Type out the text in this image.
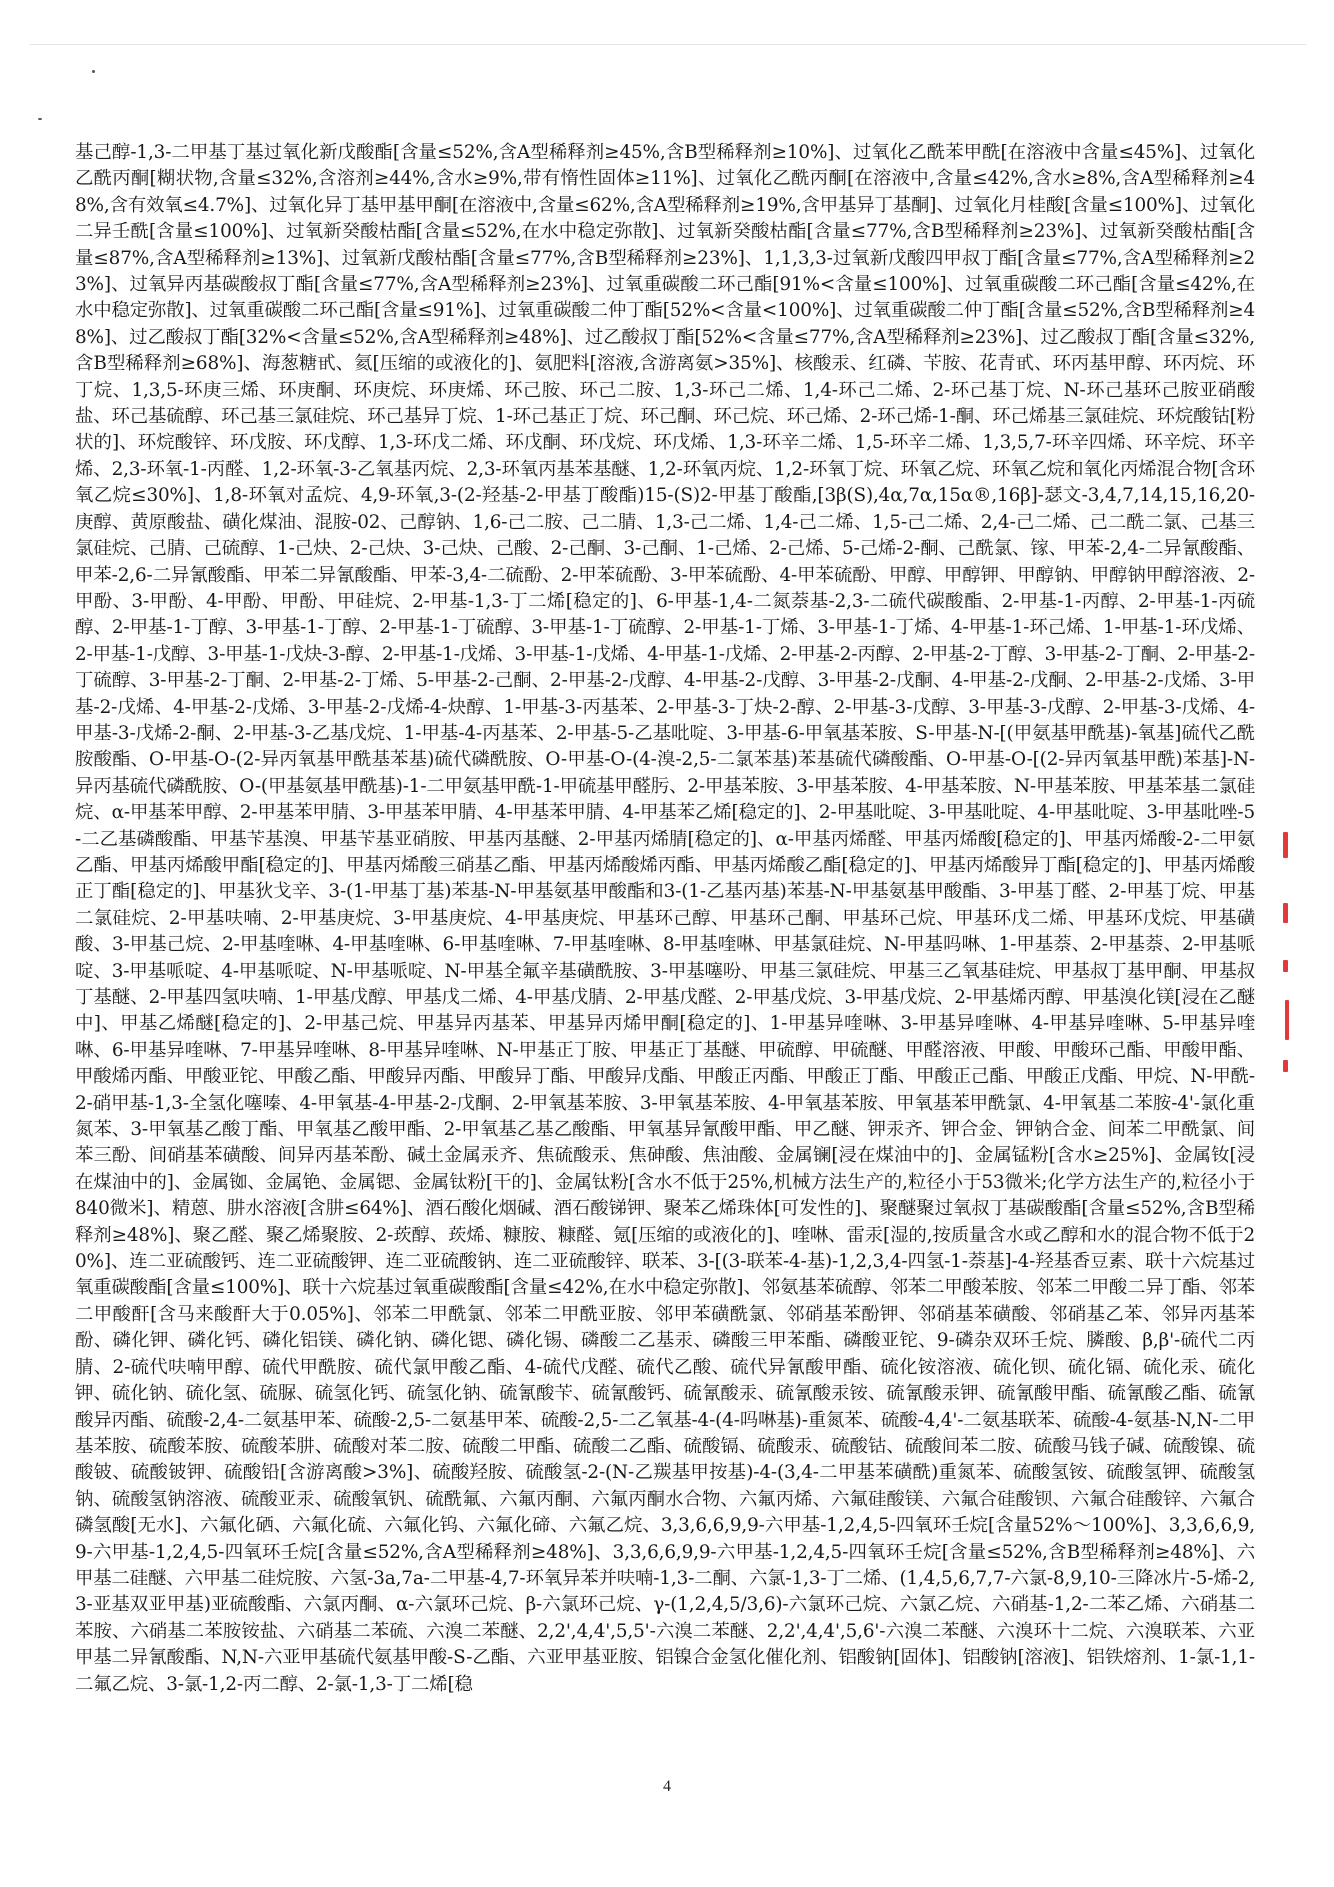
基己醇-1,3-二甲基丁基过氧化新戊酸酯[含量≤52%,含A型稀释剂≥45%,含B型稀释剂≥10%]、过氧化乙酰苯甲酰[在溶液中含量≤45%]、过氧化乙酰丙酮[糊状物,含量≤32%,含溶剂≥44%,含水≥9%,带有惰性固体≥11%]、过氧化乙酰丙酮[在溶液中,含量≤42%,含水≥8%,含A型稀释剂≥48%,含有效氧≤4.7%]、过氧化异丁基甲基甲酮[在溶液中,含量≤62%,含A型稀释剂≥19%,含甲基异丁基酮]、过氧化月桂酸[含量≤100%]、过氧化二异壬酰[含量≤100%]、过氧新癸酸枯酯[含量≤52%,在水中稳定弥散]、过氧新癸酸枯酯[含量≤77%,含B型稀释剂≥23%]、过氧新癸酸枯酯[含量≤87%,含A型稀释剂≥13%]、过氧新戊酸枯酯[含量≤77%,含B型稀释剂≥23%]、1,1,3,3-过氧新戊酸四甲叔丁酯[含量≤77%,含A型稀释剂≥23%]、过氧异丙基碳酸叔丁酯[含量≤77%,含A型稀释剂≥23%]、过氧重碳酸二环己酯[91%<含量≤100%]、过氧重碳酸二环己酯[含量≤42%,在水中稳定弥散]、过氧重碳酸二环己酯[含量≤91%]、过氧重碳酸二仲丁酯[52%<含量<100%]、过氧重碳酸二仲丁酯[含量≤52%,含B型稀释剂≥48%]、过乙酸叔丁酯[32%<含量≤52%,含A型稀释剂≥48%]、过乙酸叔丁酯[52%<含量≤77%,含A型稀释剂≥23%]、过乙酸叔丁酯[含量≤32%,含B型稀释剂≥68%]、海葱糖甙、氦[压缩的或液化的]、氨肥料[溶液,含游离氨>35%]、核酸汞、红磷、苄胺、花青甙、环丙基甲醇、环丙烷、环丁烷、1,3,5-环庚三烯、环庚酮、环庚烷、环庚烯、环己胺、环己二胺、1,3-环己二烯、1,4-环己二烯、2-环己基丁烷、N-环己基环己胺亚硝酸盐、环己基硫醇、环己基三氯硅烷、环己基异丁烷、1-环己基正丁烷、环己酮、环己烷、环己烯、2-环己烯-1-酮、环己烯基三氯硅烷、环烷酸钴[粉状的]、环烷酸锌、环戊胺、环戊醇、1,3-环戊二烯、环戊酮、环戊烷、环戊烯、1,3-环辛二烯、1,5-环辛二烯、1,3,5,7-环辛四烯、环辛烷、环辛烯、2,3-环氧-1-丙醛、1,2-环氧-3-乙氧基丙烷、2,3-环氧丙基苯基醚、1,2-环氧丙烷、1,2-环氧丁烷、环氧乙烷、环氧乙烷和氧化丙烯混合物[含环氧乙烷≤30%]、1,8-环氧对孟烷、4,9-环氧,3-(2-羟基-2-甲基丁酸酯)15-(S)2-甲基丁酸酯,[3β(S),4α,7α,15α®,16β]-瑟文-3,4,7,14,15,16,20-庚醇、黄原酸盐、磺化煤油、混胺-02、己醇钠、1,6-己二胺、己二腈、1,3-己二烯、1,4-己二烯、1,5-己二烯、2,4-己二烯、己二酰二氯、己基三氯硅烷、己腈、己硫醇、1-己炔、2-己炔、3-己炔、己酸、2-己酮、3-己酮、1-己烯、2-己烯、5-己烯-2-酮、己酰氯、镓、甲苯-2,4-二异氰酸酯、甲苯-2,6-二异氰酸酯、甲苯二异氰酸酯、甲苯-3,4-二硫酚、2-甲苯硫酚、3-甲苯硫酚、4-甲苯硫酚、甲醇、甲醇钾、甲醇钠、甲醇钠甲醇溶液、2-甲酚、3-甲酚、4-甲酚、甲酚、甲硅烷、2-甲基-1,3-丁二烯[稳定的]、6-甲基-1,4-二氮萘基-2,3-二硫代碳酸酯、2-甲基-1-丙醇、2-甲基-1-丙硫醇、2-甲基-1-丁醇、3-甲基-1-丁醇、2-甲基-1-丁硫醇、3-甲基-1-丁硫醇、2-甲基-1-丁烯、3-甲基-1-丁烯、4-甲基-1-环己烯、1-甲基-1-环戊烯、2-甲基-1-戊醇、3-甲基-1-戊炔-3-醇、2-甲基-1-戊烯、3-甲基-1-戊烯、4-甲基-1-戊烯、2-甲基-2-丙醇、2-甲基-2-丁醇、3-甲基-2-丁酮、2-甲基-2-丁硫醇、3-甲基-2-丁酮、2-甲基-2-丁烯、5-甲基-2-己酮、2-甲基-2-戊醇、4-甲基-2-戊醇、3-甲基-2-戊酮、4-甲基-2-戊酮、2-甲基-2-戊烯、3-甲基-2-戊烯、4-甲基-2-戊烯、3-甲基-2-戊烯-4-炔醇、1-甲基-3-丙基苯、2-甲基-3-丁炔-2-醇、2-甲基-3-戊醇、3-甲基-3-戊醇、2-甲基-3-戊烯、4-甲基-3-戊烯-2-酮、2-甲基-3-乙基戊烷、1-甲基-4-丙基苯、2-甲基-5-乙基吡啶、3-甲基-6-甲氧基苯胺、S-甲基-N-[(甲氨基甲酰基)-氧基]硫代乙酰胺酸酯、O-甲基-O-(2-异丙氧基甲酰基苯基)硫代磷酰胺、O-甲基-O-(4-溴-2,5-二氯苯基)苯基硫代磷酸酯、O-甲基-O-[(2-异丙氧基甲酰)苯基]-N-异丙基硫代磷酰胺、O-(甲基氨基甲酰基)-1-二甲氨基甲酰-1-甲硫基甲醛肟、2-甲基苯胺、3-甲基苯胺、4-甲基苯胺、N-甲基苯胺、甲基苯基二氯硅烷、α-甲基苯甲醇、2-甲基苯甲腈、3-甲基苯甲腈、4-甲基苯甲腈、4-甲基苯乙烯[稳定的]、2-甲基吡啶、3-甲基吡啶、4-甲基吡啶、3-甲基吡唑-5-二乙基磷酸酯、甲基苄基溴、甲基苄基亚硝胺、甲基丙基醚、2-甲基丙烯腈[稳定的]、α-甲基丙烯醛、甲基丙烯酸[稳定的]、甲基丙烯酸-2-二甲氨乙酯、甲基丙烯酸甲酯[稳定的]、甲基丙烯酸三硝基乙酯、甲基丙烯酸烯丙酯、甲基丙烯酸乙酯[稳定的]、甲基丙烯酸异丁酯[稳定的]、甲基丙烯酸正丁酯[稳定的]、甲基狄戈辛、3-(1-甲基丁基)苯基-N-甲基氨基甲酸酯和3-(1-乙基丙基)苯基-N-甲基氨基甲酸酯、3-甲基丁醛、2-甲基丁烷、甲基二氯硅烷、2-甲基呋喃、2-甲基庚烷、3-甲基庚烷、4-甲基庚烷、甲基环己醇、甲基环己酮、甲基环己烷、甲基环戊二烯、甲基环戊烷、甲基磺酸、3-甲基己烷、2-甲基喹啉、4-甲基喹啉、6-甲基喹啉、7-甲基喹啉、8-甲基喹啉、甲基氯硅烷、N-甲基吗啉、1-甲基萘、2-甲基萘、2-甲基哌啶、3-甲基哌啶、4-甲基哌啶、N-甲基哌啶、N-甲基全氟辛基磺酰胺、3-甲基噻吩、甲基三氯硅烷、甲基三乙氧基硅烷、甲基叔丁基甲酮、甲基叔丁基醚、2-甲基四氢呋喃、1-甲基戊醇、甲基戊二烯、4-甲基戊腈、2-甲基戊醛、2-甲基戊烷、3-甲基戊烷、2-甲基烯丙醇、甲基溴化镁[浸在乙醚中]、甲基乙烯醚[稳定的]、2-甲基己烷、甲基异丙基苯、甲基异丙烯甲酮[稳定的]、1-甲基异喹啉、3-甲基异喹啉、4-甲基异喹啉、5-甲基异喹啉、6-甲基异喹啉、7-甲基异喹啉、8-甲基异喹啉、N-甲基正丁胺、甲基正丁基醚、甲硫醇、甲硫醚、甲醛溶液、甲酸、甲酸环己酯、甲酸甲酯、甲酸烯丙酯、甲酸亚铊、甲酸乙酯、甲酸异丙酯、甲酸异丁酯、甲酸异戊酯、甲酸正丙酯、甲酸正丁酯、甲酸正己酯、甲酸正戊酯、甲烷、N-甲酰-2-硝甲基-1,3-全氢化噻嗪、4-甲氧基-4-甲基-2-戊酮、2-甲氧基苯胺、3-甲氧基苯胺、4-甲氧基苯胺、甲氧基苯甲酰氯、4-甲氧基二苯胺-4'-氯化重氮苯、3-甲氧基乙酸丁酯、甲氧基乙酸甲酯、2-甲氧基乙基乙酸酯、甲氧基异氰酸甲酯、甲乙醚、钾汞齐、钾合金、钾钠合金、间苯二甲酰氯、间苯三酚、间硝基苯磺酸、间异丙基苯酚、碱土金属汞齐、焦硫酸汞、焦砷酸、焦油酸、金属镧[浸在煤油中的]、金属锰粉[含水≥25%]、金属钕[浸在煤油中的]、金属铷、金属铯、金属锶、金属钛粉[干的]、金属钛粉[含水不低于25%,机械方法生产的,粒径小于53微米;化学方法生产的,粒径小于840微米]、精蒽、肼水溶液[含肼≤64%]、酒石酸化烟碱、酒石酸锑钾、聚苯乙烯珠体[可发性的]、聚醚聚过氧叔丁基碳酸酯[含量≤52%,含B型稀释剂≥48%]、聚乙醛、聚乙烯聚胺、2-莰醇、莰烯、糠胺、糠醛、氪[压缩的或液化的]、喹啉、雷汞[湿的,按质量含水或乙醇和水的混合物不低于20%]、连二亚硫酸钙、连二亚硫酸钾、连二亚硫酸钠、连二亚硫酸锌、联苯、3-[(3-联苯-4-基)-1,2,3,4-四氢-1-萘基]-4-羟基香豆素、联十六烷基过氧重碳酸酯[含量≤100%]、联十六烷基过氧重碳酸酯[含量≤42%,在水中稳定弥散]、邻氨基苯硫醇、邻苯二甲酸苯胺、邻苯二甲酸二异丁酯、邻苯二甲酸酐[含马来酸酐大于0.05%]、邻苯二甲酰氯、邻苯二甲酰亚胺、邻甲苯磺酰氯、邻硝基苯酚钾、邻硝基苯磺酸、邻硝基乙苯、邻异丙基苯酚、磷化钾、磷化钙、磷化铝镁、磷化钠、磷化锶、磷化锡、磷酸二乙基汞、磷酸三甲苯酯、磷酸亚铊、9-磷杂双环壬烷、膦酸、β,β'-硫代二丙腈、2-硫代呋喃甲醇、硫代甲酰胺、硫代氯甲酸乙酯、4-硫代戊醛、硫代乙酸、硫代异氰酸甲酯、硫化铵溶液、硫化钡、硫化镉、硫化汞、硫化钾、硫化钠、硫化氢、硫脲、硫氢化钙、硫氢化钠、硫氰酸苄、硫氰酸钙、硫氰酸汞、硫氰酸汞铵、硫氰酸汞钾、硫氰酸甲酯、硫氰酸乙酯、硫氰酸异丙酯、硫酸-2,4-二氨基甲苯、硫酸-2,5-二氨基甲苯、硫酸-2,5-二乙氧基-4-(4-吗啉基)-重氮苯、硫酸-4,4'-二氨基联苯、硫酸-4-氨基-N,N-二甲基苯胺、硫酸苯胺、硫酸苯肼、硫酸对苯二胺、硫酸二甲酯、硫酸二乙酯、硫酸镉、硫酸汞、硫酸钴、硫酸间苯二胺、硫酸马钱子碱、硫酸镍、硫酸铍、硫酸铍钾、硫酸铅[含游离酸>3%]、硫酸羟胺、硫酸氢-2-(N-乙羰基甲按基)-4-(3,4-二甲基苯磺酰)重氮苯、硫酸氢铵、硫酸氢钾、硫酸氢钠、硫酸氢钠溶液、硫酸亚汞、硫酸氧钒、硫酰氟、六氟丙酮、六氟丙酮水合物、六氟丙烯、六氟硅酸镁、六氟合硅酸钡、六氟合硅酸锌、六氟合磷氢酸[无水]、六氟化硒、六氟化硫、六氟化钨、六氟化碲、六氟乙烷、3,3,6,6,9,9-六甲基-1,2,4,5-四氧环壬烷[含量52%～100%]、3,3,6,6,9,9-六甲基-1,2,4,5-四氧环壬烷[含量≤52%,含A型稀释剂≥48%]、3,3,6,6,9,9-六甲基-1,2,4,5-四氧环壬烷[含量≤52%,含B型稀释剂≥48%]、六甲基二硅醚、六甲基二硅烷胺、六氢-3a,7a-二甲基-4,7-环氧异苯并呋喃-1,3-二酮、六氯-1,3-丁二烯、(1,4,5,6,7,7-六氯-8,9,10-三降冰片-5-烯-2,3-亚基双亚甲基)亚硫酸酯、六氯丙酮、α-六氯环己烷、β-六氯环己烷、γ-(1,2,4,5/3,6)-六氯环己烷、六氯乙烷、六硝基-1,2-二苯乙烯、六硝基二苯胺、六硝基二苯胺铵盐、六硝基二苯硫、六溴二苯醚、2,2',4,4',5,5'-六溴二苯醚、2,2',4,4',5,6'-六溴二苯醚、六溴环十二烷、六溴联苯、六亚甲基二异氰酸酯、N,N-六亚甲基硫代氨基甲酸-S-乙酯、六亚甲基亚胺、铝镍合金氢化催化剂、铝酸钠[固体]、铝酸钠[溶液]、铝铁熔剂、1-氯-1,1-二氟乙烷、3-氯-1,2-丙二醇、2-氯-1,3-丁二烯[稳
4
